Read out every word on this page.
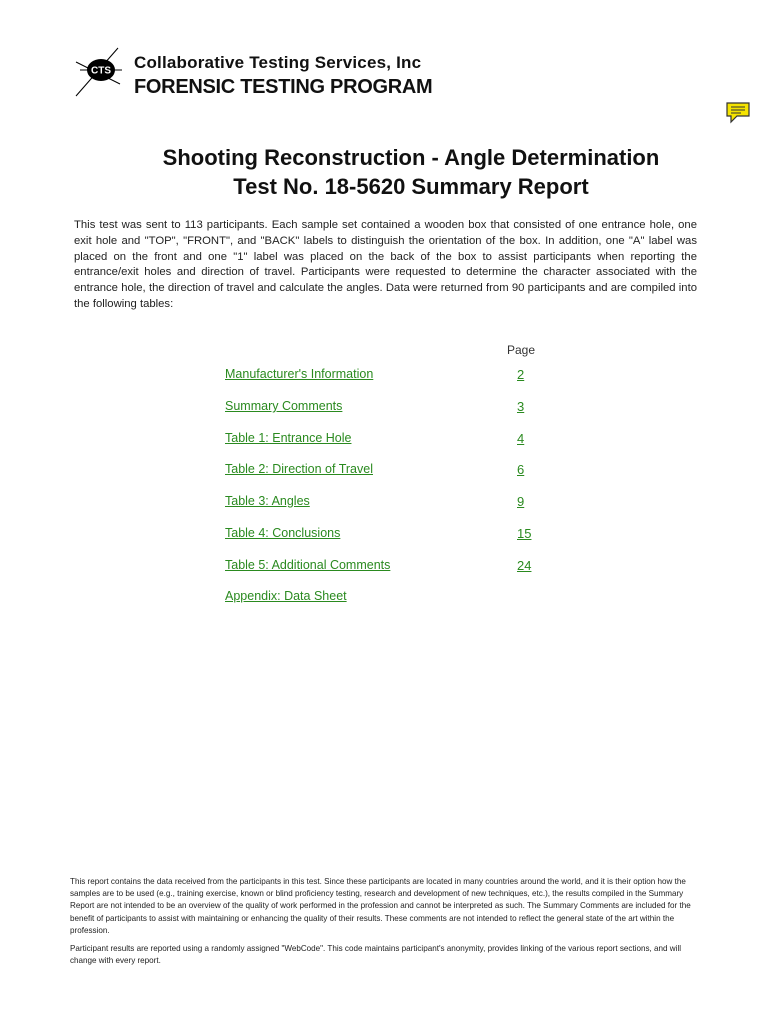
CTS Collaborative Testing Services, Inc
FORENSIC TESTING PROGRAM
Shooting Reconstruction - Angle Determination
Test No. 18-5620 Summary Report
This test was sent to 113 participants. Each sample set contained a wooden box that consisted of one entrance hole, one exit hole and "TOP", "FRONT", and "BACK" labels to distinguish the orientation of the box. In addition, one "A" label was placed on the front and one "1" label was placed on the back of the box to assist participants when reporting the entrance/exit holes and direction of travel. Participants were requested to determine the character associated with the entrance hole, the direction of travel and calculate the angles. Data were returned from 90 participants and are compiled into the following tables:
Page
Manufacturer's Information	2
Summary Comments	3
Table 1: Entrance Hole	4
Table 2: Direction of Travel	6
Table 3: Angles	9
Table 4: Conclusions	15
Table 5: Additional Comments	24
Appendix: Data Sheet
This report contains the data received from the participants in this test. Since these participants are located in many countries around the world, and it is their option how the samples are to be used (e.g., training exercise, known or blind proficiency testing, research and development of new techniques, etc.), the results compiled in the Summary Report are not intended to be an overview of the quality of work performed in the profession and cannot be interpreted as such. The Summary Comments are included for the benefit of participants to assist with maintaining or enhancing the quality of their results. These comments are not intended to reflect the general state of the art within the profession.
Participant results are reported using a randomly assigned "WebCode". This code maintains participant's anonymity, provides linking of the various report sections, and will change with every report.
